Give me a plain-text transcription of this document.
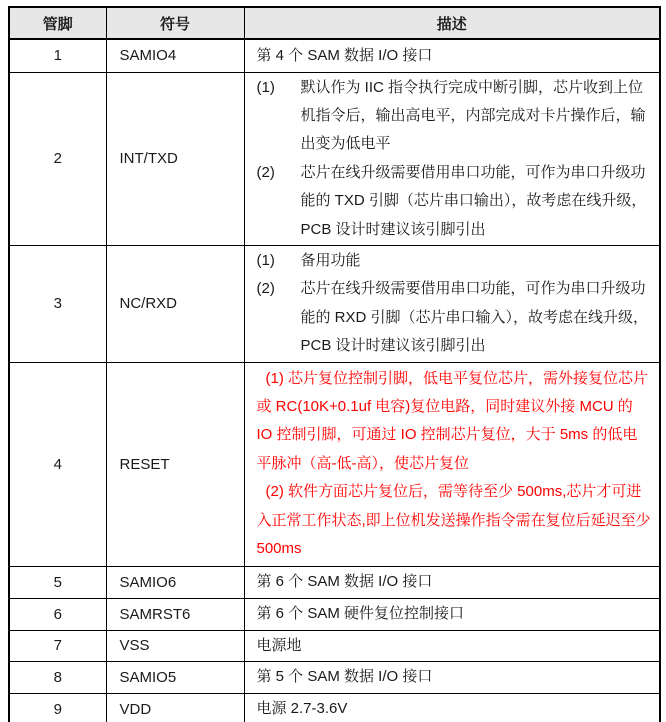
管脚	符号	描述
1	SAMIO4	第 4 个 SAM 数据 I/O 接口

2	INT/TXD	(1) 默认作为 IIC 指令执行完成中断引脚，芯片收到上位机指令后，输出高电平，内部完成对卡片操作后，输出变为低电平
(2) 芯片在线升级需要借用串口功能，可作为串口升级功能的 TXD 引脚（芯片串口输出），故考虑在线升级，PCB 设计时建议该引脚引出

3	NC/RXD	(1) 备用功能
(2) 芯片在线升级需要借用串口功能，可作为串口升级功能的 RXD 引脚（芯片串口输入），故考虑在线升级，PCB 设计时建议该引脚引出

4	RESET	(1) 芯片复位控制引脚，低电平复位芯片，需外接复位芯片或 RC(10K+0.1uf 电容)复位电路，同时建议外接 MCU 的 IO 控制引脚，可通过 IO 控制芯片复位，大于 5ms 的低电平脉冲（高-低-高），使芯片复位

(2) 软件方面芯片复位后，需等待至少 500ms,芯片才可进入正常工作状态,即上位机发送操作指令需在复位后延迟至少 500ms

5	SAMIO6	第 6 个 SAM 数据 I/O 接口

6	SAMRST6	第 6 个 SAM 硬件复位控制接口

7	VSS	电源地

8	SAMIO5	第 5 个 SAM 数据 I/O 接口

9	VDD	电源 2.7-3.6V
